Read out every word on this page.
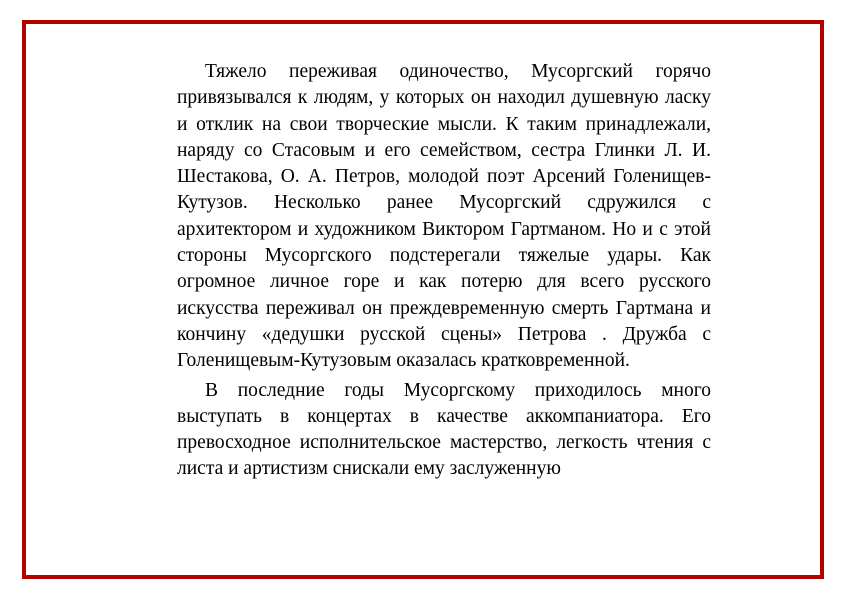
Тяжело переживая одиночество, Мусоргский горячо привязывался к людям, у которых он находил душевную ласку и отклик на свои творческие мысли. К таким принадлежали, наряду со Стасовым и его семейством, сестра Глинки Л. И. Шестакова, О. А. Петров, молодой поэт Арсений Голенищев-Кутузов. Несколько ранее Мусоргский сдружился с архитектором и художником Виктором Гартманом. Но и с этой стороны Мусоргского подстерегали тяжелые удары. Как огромное личное горе и как потерю для всего русского искусства переживал он преждевременную смерть Гартмана и кончину «дедушки русской сцены» Петрова . Дружба с Голенищевым-Кутузовым оказалась кратковременной.

В последние годы Мусоргскому приходилось много выступать в концертах в качестве аккомпаниатора. Его превосходное исполнительское мастерство, легкость чтения с листа и артистизм снискали ему заслуженную
